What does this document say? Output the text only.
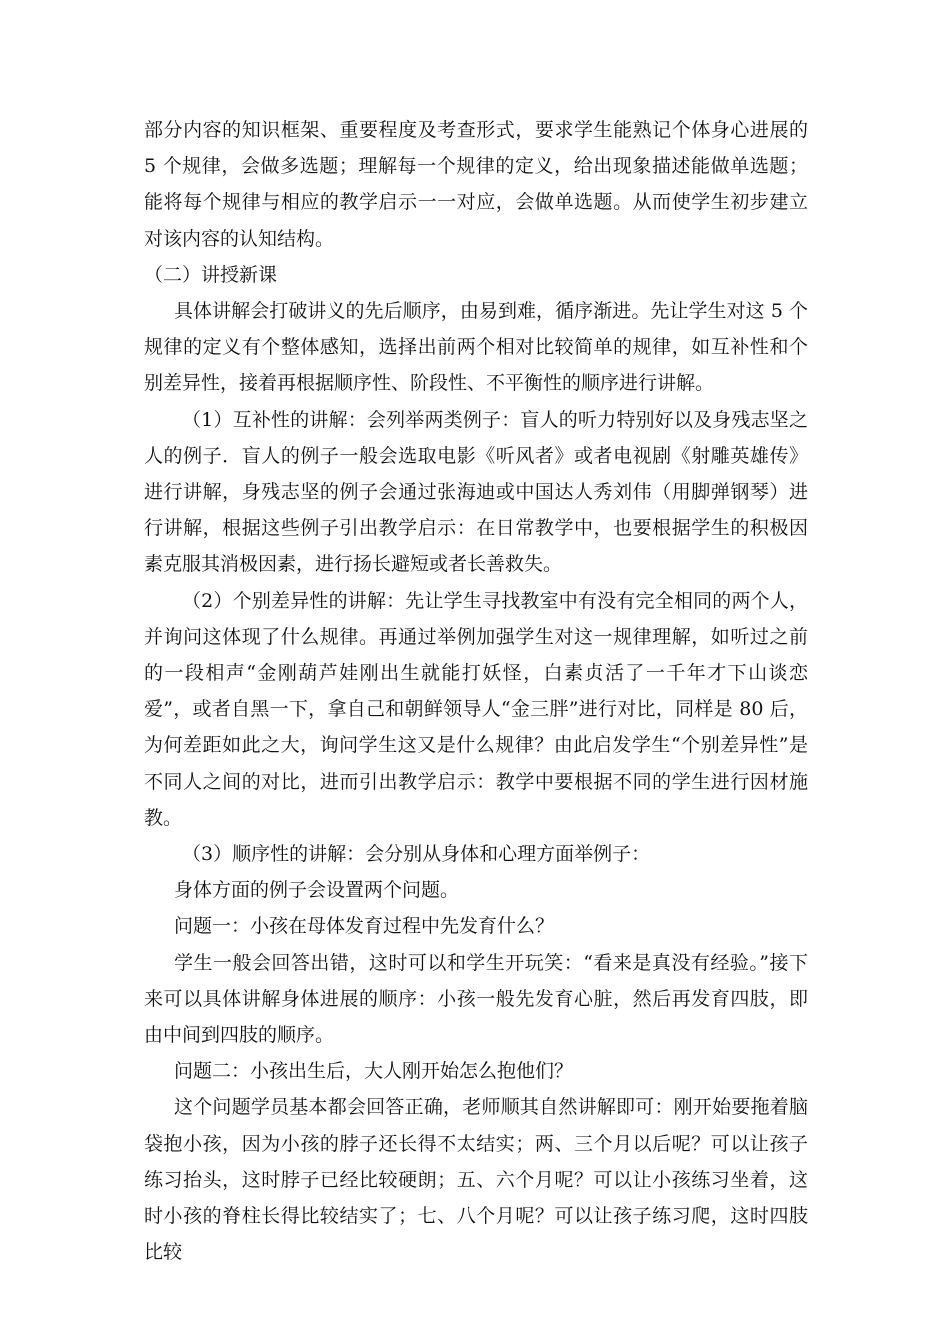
部分内容的知识框架、重要程度及考查形式，要求学生能熟记个体身心进展的 5 个规律，会做多选题；理解每一个规律的定义，给出现象描述能做单选题；能将每个规律与相应的教学启示一一对应，会做单选题。从而使学生初步建立对该内容的认知结构。

（二）讲授新课

具体讲解会打破讲义的先后顺序，由易到难，循序渐进。先让学生对这 5 个规律的定义有个整体感知，选择出前两个相对比较简单的规律，如互补性和个别差异性，接着再根据顺序性、阶段性、不平衡性的顺序进行讲解。

（1）互补性的讲解：会列举两类例子：盲人的听力特别好以及身残志坚之人的例子．盲人的例子一般会选取电影《听风者》或者电视剧《射雕英雄传》进行讲解，身残志坚的例子会通过张海迪或中国达人秀刘伟（用脚弹钢琴）进行讲解，根据这些例子引出教学启示：在日常教学中，也要根据学生的积极因素克服其消极因素，进行扬长避短或者长善救失。

（2）个别差异性的讲解：先让学生寻找教室中有没有完全相同的两个人，并询问这体现了什么规律。再通过举例加强学生对这一规律理解，如听过之前的一段相声“金刚葫芦娃刚出生就能打妖怪，白素贞活了一千年才下山谈恋爱”，或者自黑一下，拿自己和朝鲜领导人“金三胖”进行对比，同样是 80 后，为何差距如此之大，询问学生这又是什么规律？由此启发学生“个别差异性”是不同人之间的对比，进而引出教学启示：教学中要根据不同的学生进行因材施教。

（3）顺序性的讲解：会分别从身体和心理方面举例子：

身体方面的例子会设置两个问题。

问题一：小孩在母体发育过程中先发育什么？

学生一般会回答出错，这时可以和学生开玩笑：“看来是真没有经验。”接下来可以具体讲解身体进展的顺序：小孩一般先发育心脏，然后再发育四肢，即由中间到四肢的顺序。

问题二：小孩出生后，大人刚开始怎么抱他们？

这个问题学员基本都会回答正确，老师顺其自然讲解即可：刚开始要拖着脑袋抱小孩，因为小孩的脖子还长得不太结实；两、三个月以后呢？可以让孩子练习抬头，这时脖子已经比较硬朗；五、六个月呢？可以让小孩练习坐着，这时小孩的脊柱长得比较结实了；七、八个月呢？可以让孩子练习爬，这时四肢比较
